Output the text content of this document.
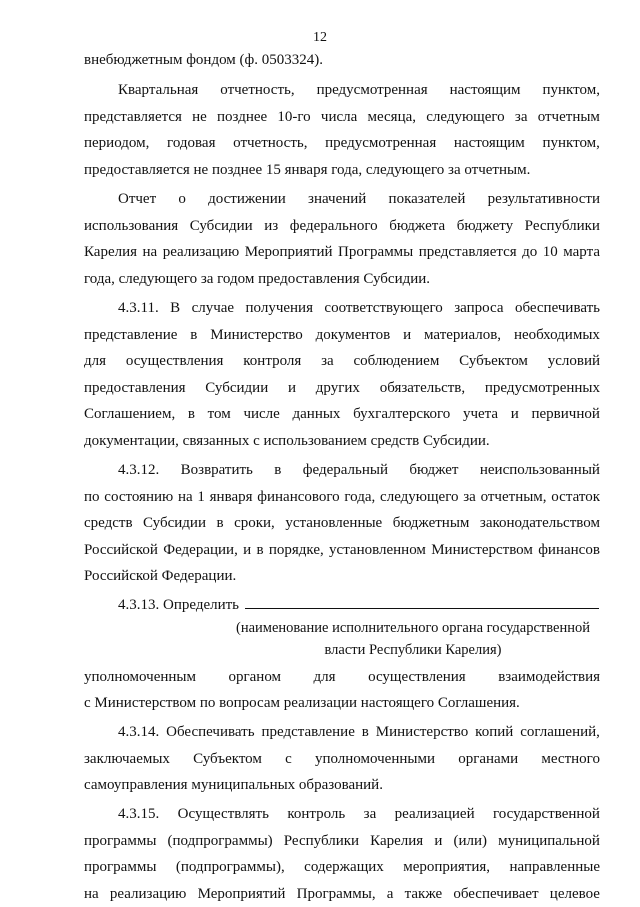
12
внебюджетным фондом (ф. 0503324).
Квартальная отчетность, предусмотренная настоящим пунктом,
представляется не позднее 10-го числа месяца, следующего за отчетным
периодом, годовая отчетность, предусмотренная настоящим пунктом,
предоставляется не позднее 15 января года, следующего за отчетным.
Отчет о достижении значений показателей результативности
использования Субсидии из федерального бюджета бюджету Республики
Карелия на реализацию Мероприятий Программы представляется до 10 марта
года, следующего за годом предоставления Субсидии.
4.3.11. В случае получения соответствующего запроса обеспечивать
представление в Министерство документов и материалов, необходимых
для осуществления контроля за соблюдением Субъектом условий
предоставления Субсидии и других обязательств, предусмотренных
Соглашением, в том числе данных бухгалтерского учета и первичной
документации, связанных с использованием средств Субсидии.
4.3.12. Возвратить в федеральный бюджет неиспользованный
по состоянию на 1 января финансового года, следующего за отчетным, остаток
средств Субсидии в сроки, установленные бюджетным законодательством
Российской Федерации, и в порядке, установленном Министерством финансов
Российской Федерации.
4.3.13. Определить
(наименование исполнительного органа государственной
власти Республики Карелия)
уполномоченным органом для осуществления взаимодействия
с Министерством по вопросам реализации настоящего Соглашения.
4.3.14. Обеспечивать представление в Министерство копий соглашений,
заключаемых Субъектом с уполномоченными органами местного
самоуправления муниципальных образований.
4.3.15. Осуществлять контроль за реализацией государственной
программы (подпрограммы) Республики Карелия и (или) муниципальной
программы (подпрограммы), содержащих мероприятия, направленные
на реализацию Мероприятий Программы, а также обеспечивает целевое
